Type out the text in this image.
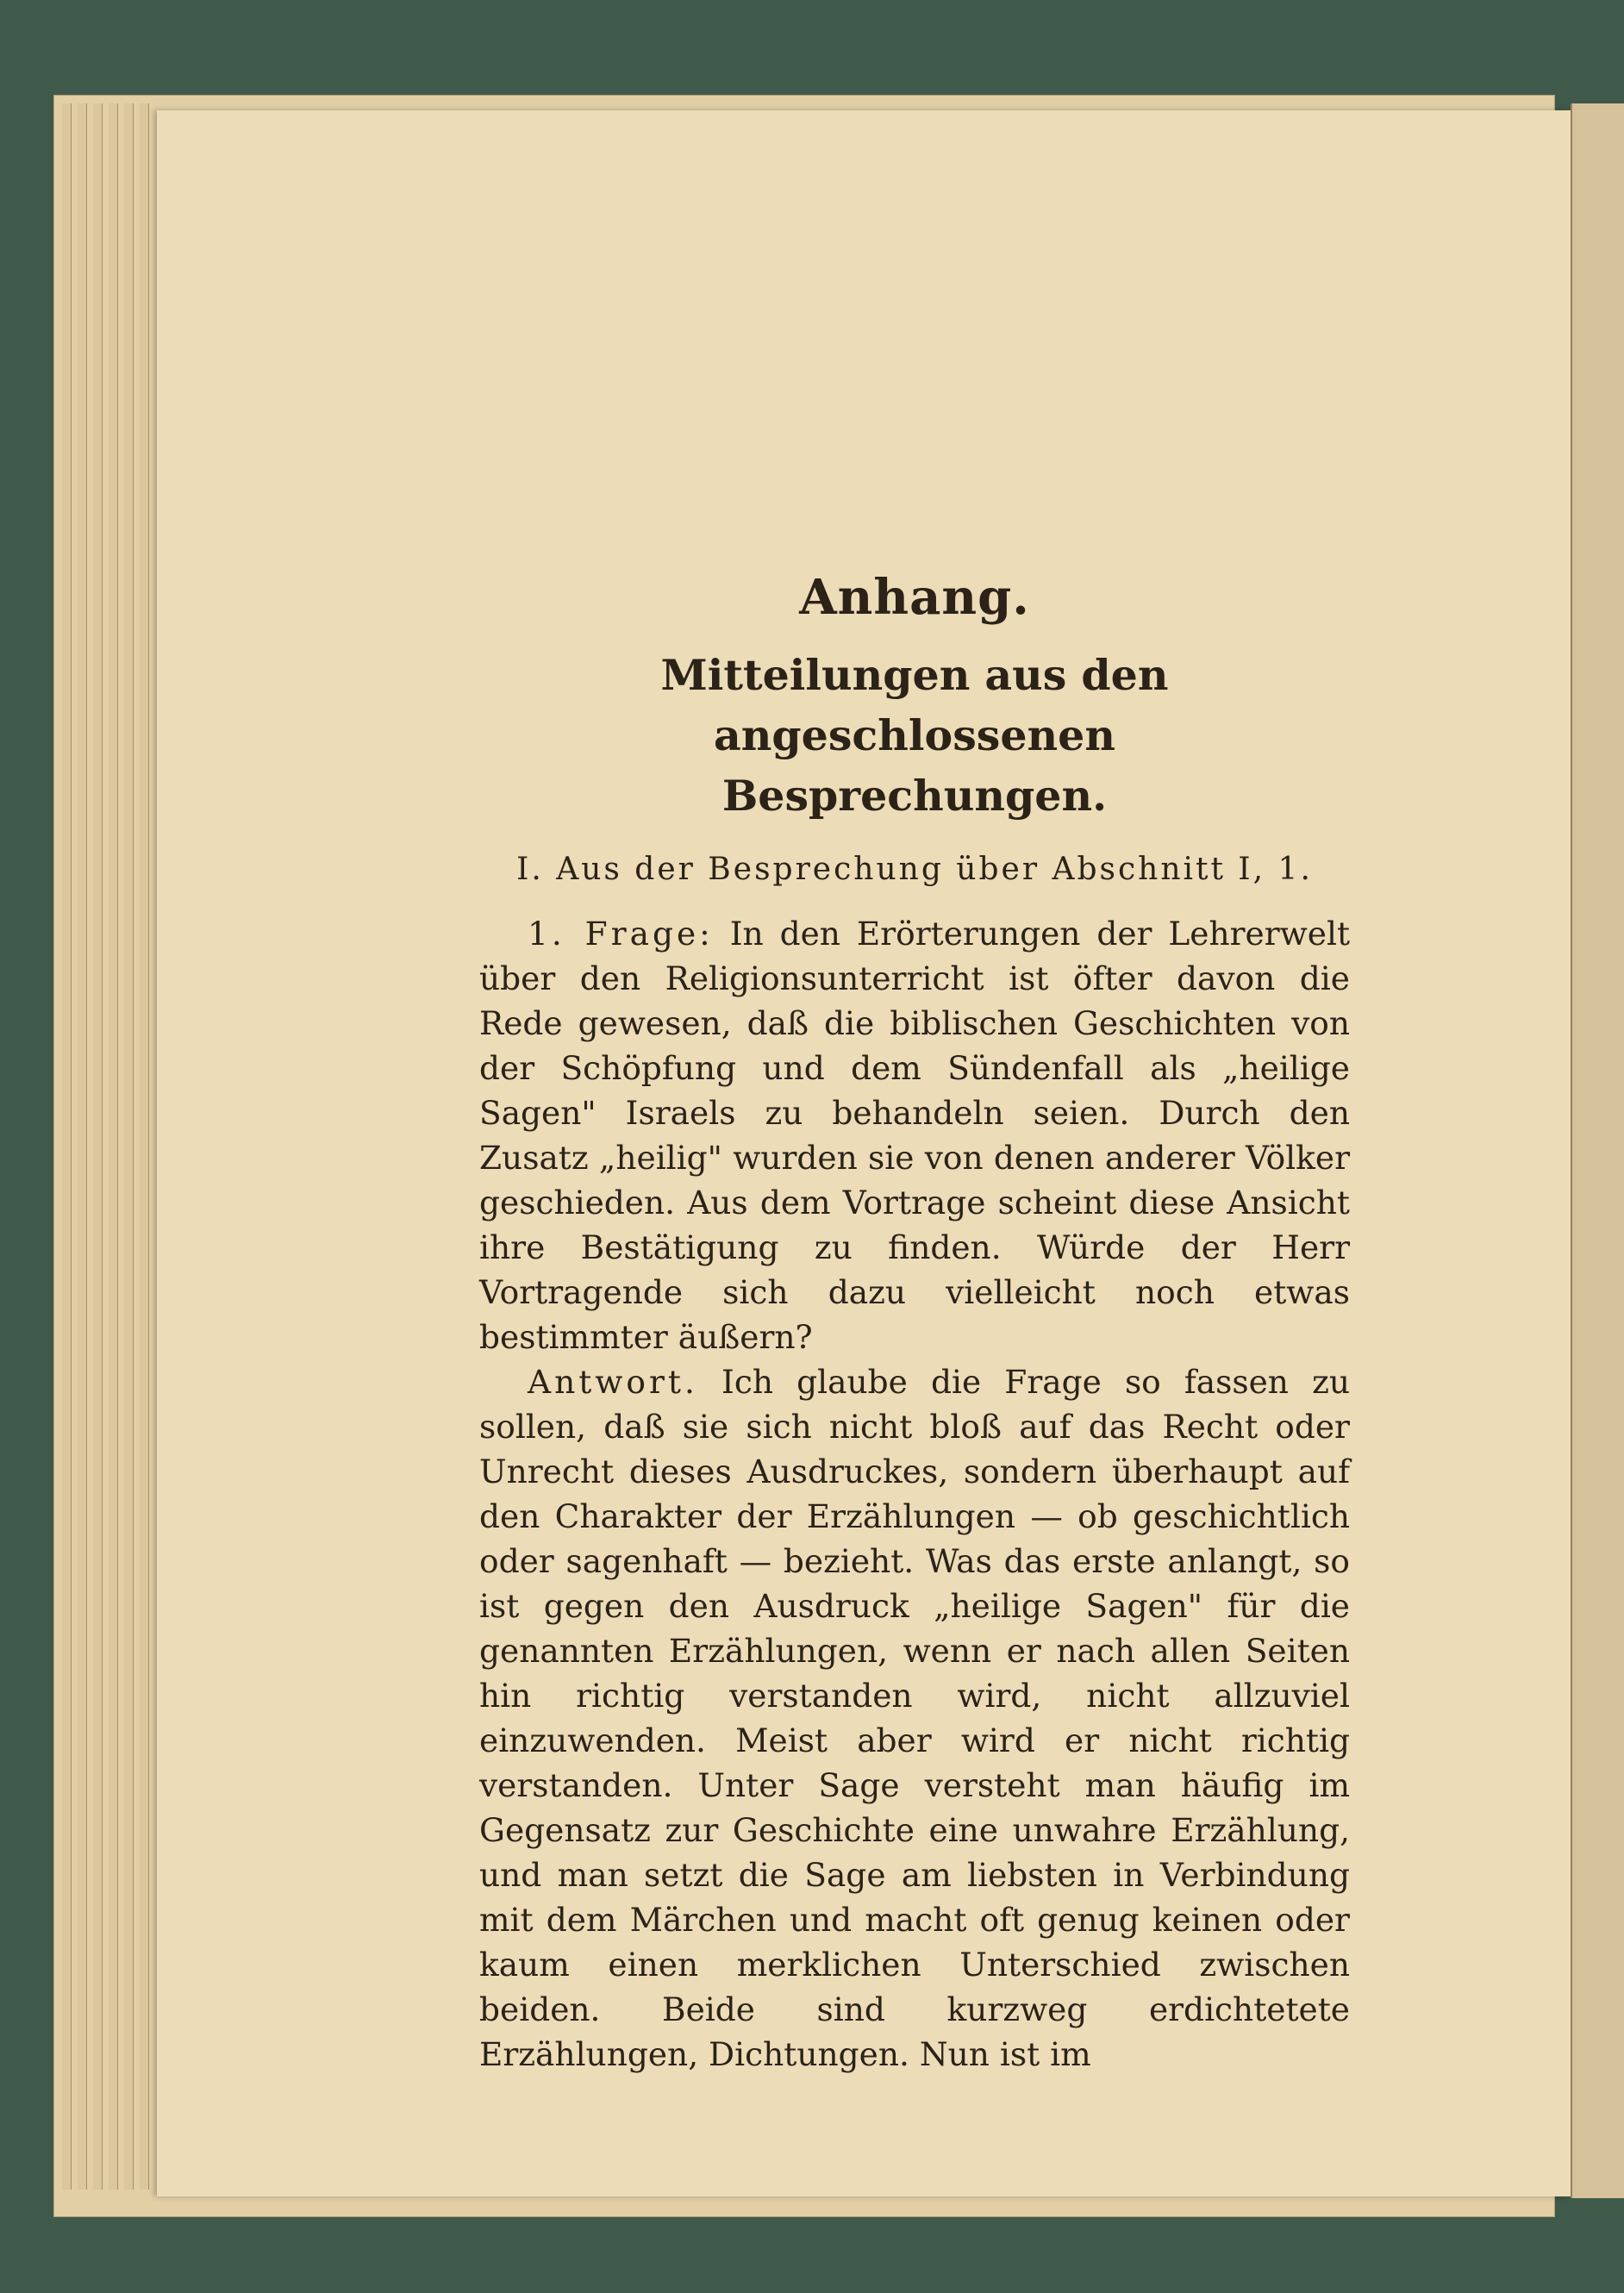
Anhang.
Mitteilungen aus den angeschlossenen
Besprechungen.
I. Aus der Besprechung über Abschnitt I, 1.

1. Frage: In den Erörterungen der Lehrerwelt über den Religionsunterricht ist öfter davon die Rede gewesen, daß die biblischen Geschichten von der Schöpfung und dem Sündenfall als „heilige Sagen" Israels zu behandeln seien. Durch den Zusatz „heilig" wurden sie von denen anderer Völker geschieden. Aus dem Vortrage scheint diese Ansicht ihre Bestätigung zu finden. Würde der Herr Vortragende sich dazu vielleicht noch etwas bestimmter äußern?

Antwort. Ich glaube die Frage so fassen zu sollen, daß sie sich nicht bloß auf das Recht oder Unrecht dieses Ausdruckes, sondern überhaupt auf den Charakter der Erzählungen — ob geschichtlich oder sagenhaft — bezieht. Was das erste anlangt, so ist gegen den Ausdruck „heilige Sagen" für die genannten Erzählungen, wenn er nach allen Seiten hin richtig verstanden wird, nicht allzuviel einzuwenden. Meist aber wird er nicht richtig verstanden. Unter Sage versteht man häufig im Gegensatz zur Geschichte eine unwahre Erzählung, und man setzt die Sage am liebsten in Verbindung mit dem Märchen und macht oft genug keinen oder kaum einen merklichen Unterschied zwischen beiden. Beide sind kurzweg erdichtetete Erzählungen, Dichtungen. Nun ist im
